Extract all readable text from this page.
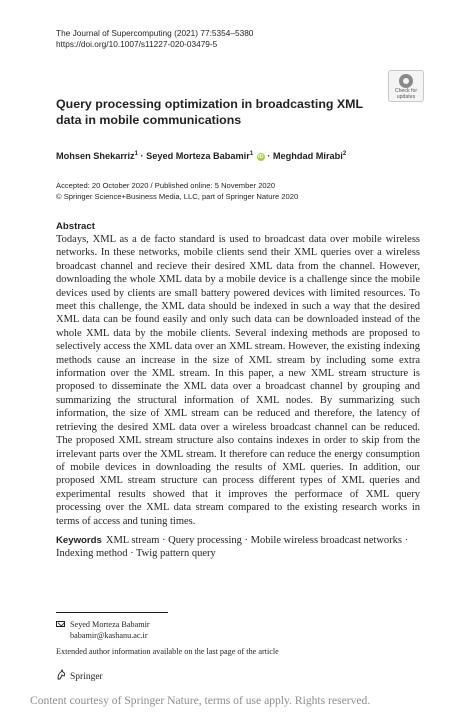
The Journal of Supercomputing (2021) 77:5354–5380
https://doi.org/10.1007/s11227-020-03479-5
Check for
updates
Query processing optimization in broadcasting XML data in mobile communications
Mohsen Shekarriz$^1$ · Seyed Morteza Babamir$^1$ iD · Meghdad Mirabi$^2$
Accepted: 20 October 2020 / Published online: 5 November 2020
© Springer Science+Business Media, LLC, part of Springer Nature 2020
Abstract

Todays, XML as a de facto standard is used to broadcast data over mobile wireless networks. In these networks, mobile clients send their XML queries over a wireless broadcast channel and recieve their desired XML data from the channel. However, downloading the whole XML data by a mobile device is a challenge since the mobile devices used by clients are small battery powered devices with limited resources. To meet this challenge, the XML data should be indexed in such a way that the desired XML data can be found easily and only such data can be downloaded instead of the whole XML data by the mobile clients. Several indexing methods are proposed to selectively access the XML data over an XML stream. However, the existing indexing methods cause an increase in the size of XML stream by including some extra information over the XML stream. In this paper, a new XML stream structure is proposed to disseminate the XML data over a broadcast channel by grouping and summarizing the structural information of XML nodes. By summarizing such information, the size of XML stream can be reduced and therefore, the latency of retrieving the desired XML data over a wireless broadcast channel can be reduced. The proposed XML stream structure also contains indexes in order to skip from the irrelevant parts over the XML stream. It therefore can reduce the energy consumption of mobile devices in downloading the results of XML queries. In addition, our proposed XML stream structure can process different types of XML queries and experimental results showed that it improves the performace of XML query processing over the XML data stream compared to the existing research works in terms of access and tuning times.

Keywords XML stream · Query processing · Mobile wireless broadcast networks · Indexing method · Twig pattern query
Seyed Morteza Babamir
babamir@kashanu.ac.ir
Extended author information available on the last page of the article
Springer
Content courtesy of Springer Nature, terms of use apply. Rights reserved.
